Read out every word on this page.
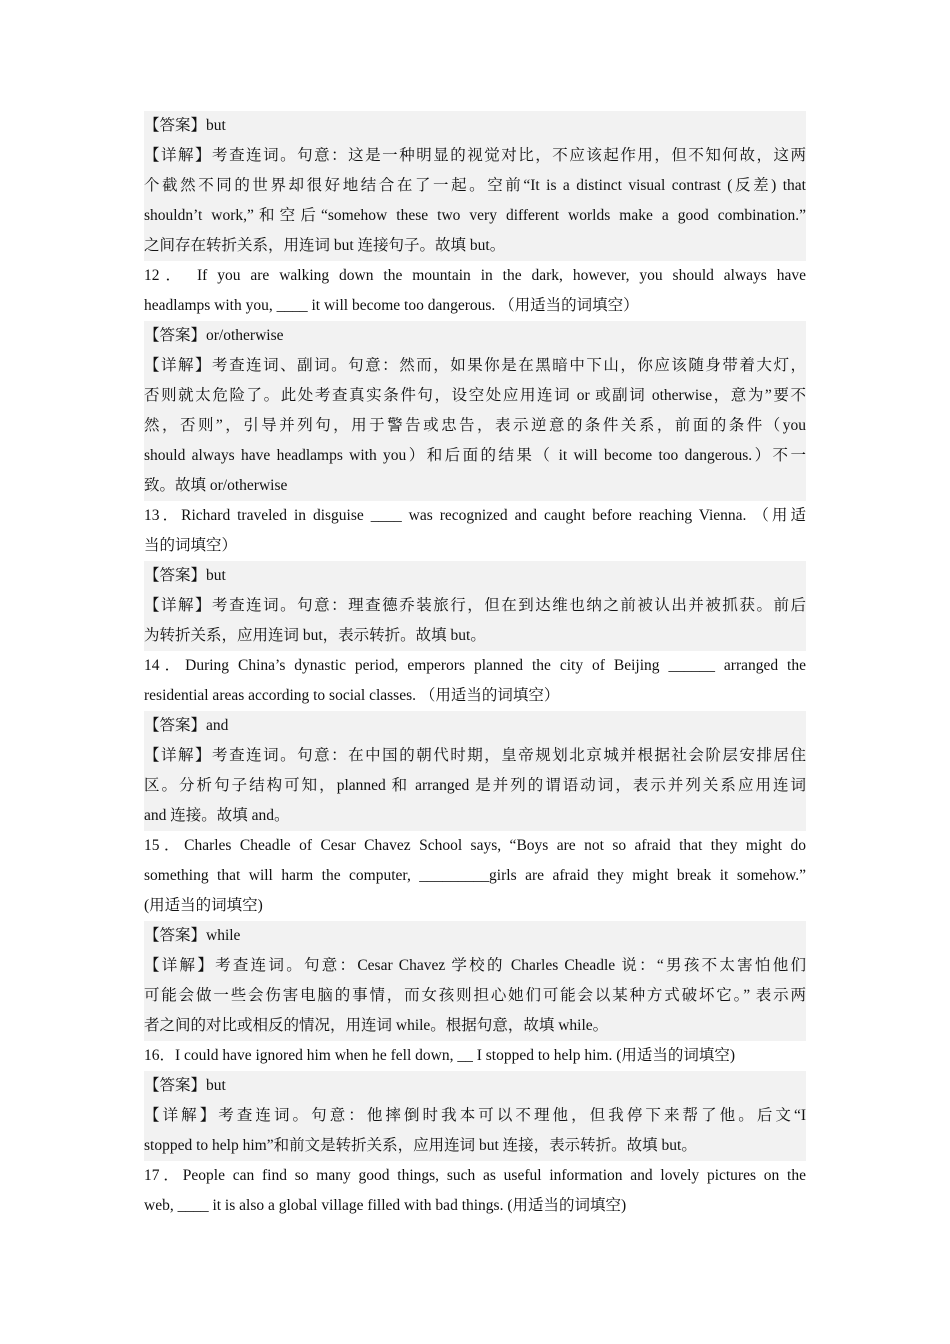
【答案】but
【详解】考查连词。句意：这是一种明显的视觉对比，不应该起作用，但不知何故，这两
个截然不同的世界却很好地结合在了一起。空前“It is a distinct visual contrast (反差) that
shouldn’t work,”和空后“somehow these two very different worlds make a good combination.”
之间存在转折关系，用连词 but 连接句子。故填 but。
12． If you are walking down the mountain in the dark, however, you should always have
headlamps with you, ____ it will become too dangerous. （用适当的词填空）
【答案】or/otherwise
【详解】考查连词、副词。句意：然而，如果你是在黑暗中下山，你应该随身带着大灯，
否则就太危险了。此处考查真实条件句，设空处应用连词 or 或副词 otherwise，意为”要不
然，否则”，引导并列句，用于警告或忠告，表示逆意的条件关系，前面的条件（you
should always have headlamps with you）和后面的结果（ it will become too dangerous.）不一
致。故填 or/otherwise
13．Richard traveled in disguise ____ was recognized and caught before reaching Vienna. （用适
当的词填空）
【答案】but
【详解】考查连词。句意：理查德乔装旅行，但在到达维也纳之前被认出并被抓获。前后
为转折关系，应用连词 but，表示转折。故填 but。
14．During China’s dynastic period, emperors planned the city of Beijing ______ arranged the
residential areas according to social classes. （用适当的词填空）
【答案】and
【详解】考查连词。句意：在中国的朝代时期，皇帝规划北京城并根据社会阶层安排居住
区。分析句子结构可知，planned 和 arranged 是并列的谓语动词，表示并列关系应用连词
and 连接。故填 and。
15．Charles Cheadle of Cesar Chavez School says, “Boys are not so afraid that they might do
something that will harm the computer, _________girls are afraid they might break it somehow.”
(用适当的词填空)
【答案】while
【详解】考查连词。句意：Cesar Chavez 学校的 Charles Cheadle 说：“男孩不太害怕他们
可能会做一些会伤害电脑的事情，而女孩则担心她们可能会以某种方式破坏它。” 表示两
者之间的对比或相反的情况，用连词 while。根据句意，故填 while。
16．I could have ignored him when he fell down, __ I stopped to help him. (用适当的词填空)
【答案】but
【详解】考查连词。句意：他摔倒时我本可以不理他，但我停下来帮了他。后文“I
stopped to help him”和前文是转折关系，应用连词 but 连接，表示转折。故填 but。
17．People can find so many good things, such as useful information and lovely pictures on the
web, ____ it is also a global village filled with bad things. (用适当的词填空)
